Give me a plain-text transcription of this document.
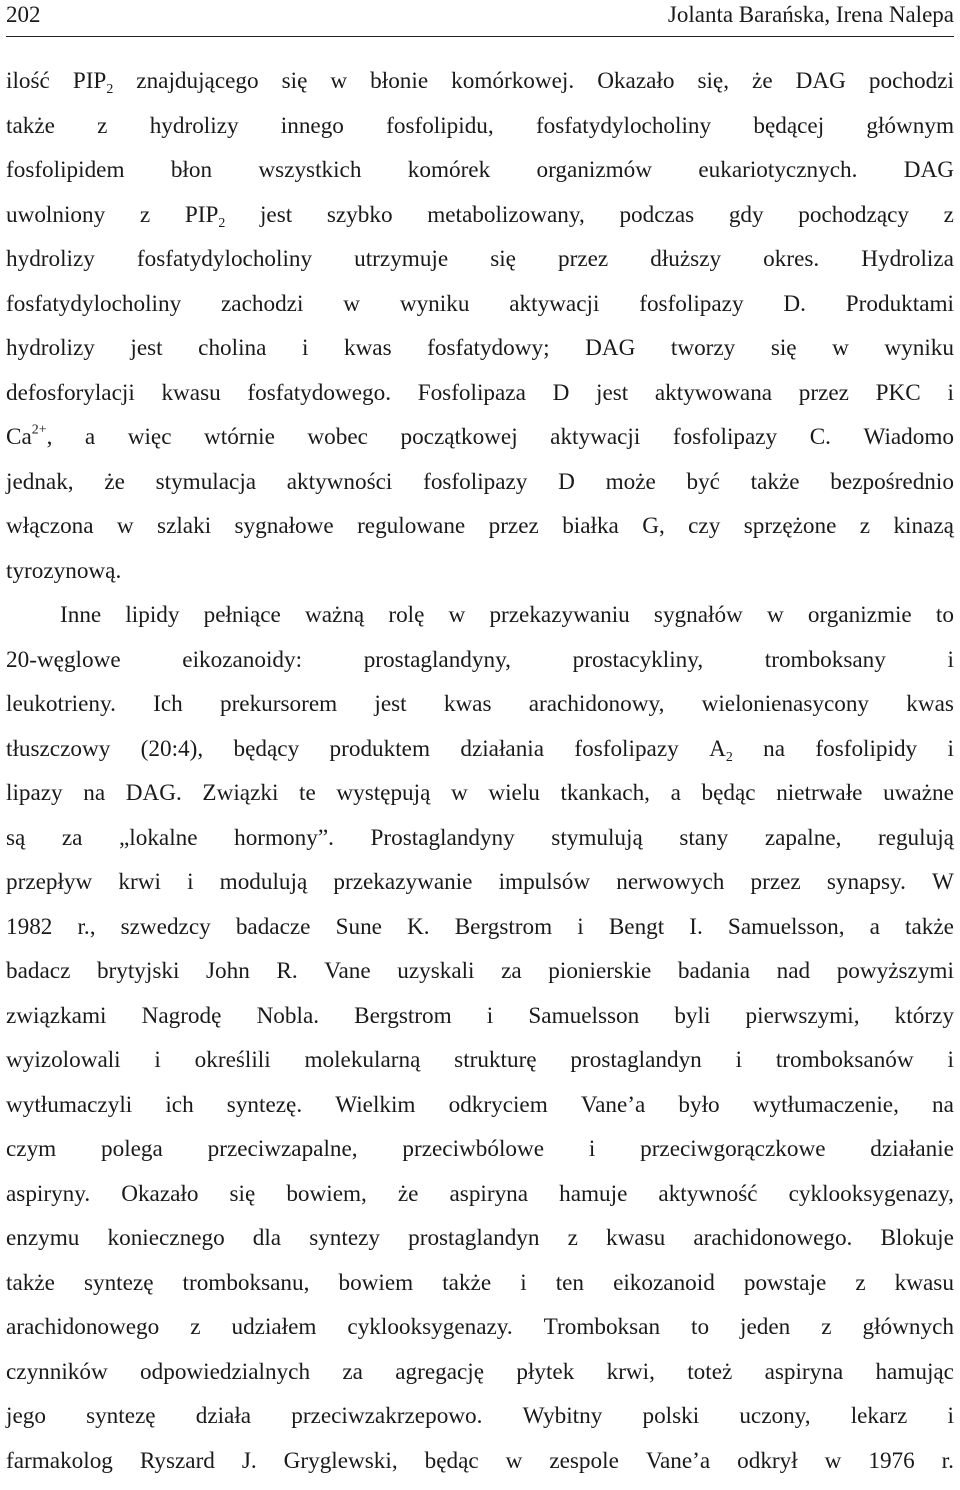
202	Jolanta Barańska, Irena Nalepa
ilość $PIP_2$ znajdującego się w błonie komórkowej. Okazało się, że DAG pochodzi
także z hydrolizy innego fosfolipidu, fosfatydylocholiny będącej głównym
fosfolipidem błon wszystkich komórek organizmów eukariotycznych. DAG
uwolniony z $PIP_2$ jest szybko metabolizowany, podczas gdy pochodzący z
hydrolizy fosfatydylocholiny utrzymuje się przez dłuższy okres. Hydroliza
fosfatydylocholiny zachodzi w wyniku aktywacji fosfolipazy D. Produktami
hydrolizy jest cholina i kwas fosfatydowy; DAG tworzy się w wyniku
defosforylacji kwasu fosfatydowego. Fosfolipaza D jest aktywowana przez PKC i
$Ca^{2+}$, a więc wtórnie wobec początkowej aktywacji fosfolipazy C. Wiadomo
jednak, że stymulacja aktywności fosfolipazy D może być także bezpośrednio
włączona w szlaki sygnałowe regulowane przez białka G, czy sprzężone z kinazą
tyrozynową.
Inne lipidy pełniące ważną rolę w przekazywaniu sygnałów w organizmie to
20-węglowe	eikozanoidy:	prostaglandyny,	prostacykliny,	tromboksany	i
leukotrieny. Ich prekursorem jest kwas arachidonowy, wielonienasycony kwas
tłuszczowy (20:4), będący produktem działania fosfolipazy $A_2$ na fosfolipidy i
lipazy na DAG. Związki te występują w wielu tkankach, a będąc nietrwałe uważne
są za „lokalne hormony”. Prostaglandyny stymulują stany zapalne, regulują
przepływ krwi i modulują przekazywanie impulsów nerwowych przez synapsy. W
1982 r., szwedzcy badacze Sune K. Bergstrom i Bengt I. Samuelsson, a także
badacz brytyjski John R. Vane uzyskali za pionierskie badania nad powyższymi
związkami Nagrodę Nobla. Bergstrom i Samuelsson byli pierwszymi, którzy
wyizolowali i określili molekularną strukturę prostaglandyn i tromboksanów i
wytłumaczyli ich syntezę. Wielkim odkryciem Vane’a było wytłumaczenie, na
czym polega przeciwzapalne, przeciwbólowe i przeciwgorączkowe działanie
aspiryny. Okazało się bowiem, że aspiryna hamuje aktywność cyklooksygenazy,
enzymu koniecznego dla syntezy prostaglandyn z kwasu arachidonowego. Blokuje
także syntezę tromboksanu, bowiem także i ten eikozanoid powstaje z kwasu
arachidonowego z udziałem cyklooksygenazy. Tromboksan to jeden z głównych
czynników odpowiedzialnych za agregację płytek krwi, toteż aspiryna hamując
jego syntezę działa przeciwzakrzepowo. Wybitny polski uczony, lekarz i
farmakolog Ryszard J. Gryglewski, będąc w zespole Vane’a odkrył w 1976 r.
